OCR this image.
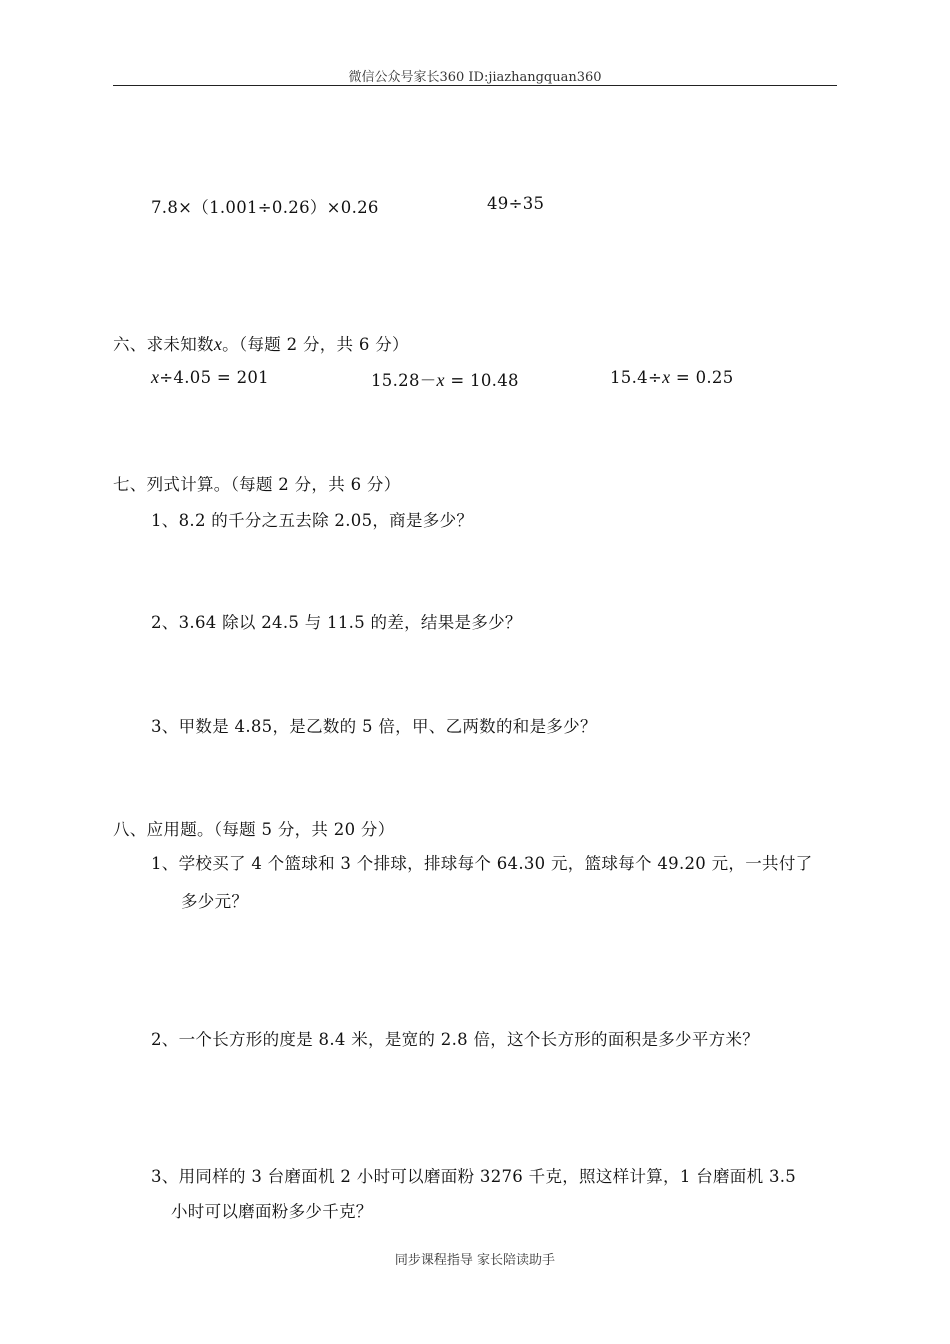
微信公众号家长360 ID:jiazhangquan360
7.8×（1.001÷0.26）×0.26	49÷35
六、求未知数x。（每题 2 分，共 6 分）
x÷4.05 = 201	15.28－x = 10.48	15.4÷x = 0.25
七、列式计算。（每题 2 分，共 6 分）
1、8.2 的千分之五去除 2.05，商是多少？
2、3.64 除以 24.5 与 11.5 的差，结果是多少？
3、甲数是 4.85，是乙数的 5 倍，甲、乙两数的和是多少？
八、应用题。（每题 5 分，共 20 分）
1、学校买了 4 个篮球和 3 个排球，排球每个 64.30 元，篮球每个 49.20 元，一共付了
多少元？
2、一个长方形的度是 8.4 米，是宽的 2.8 倍，这个长方形的面积是多少平方米？
3、用同样的 3 台磨面机 2 小时可以磨面粉 3276 千克，照这样计算，1 台磨面机 3.5
小时可以磨面粉多少千克？
同步课程指导 家长陪读助手
